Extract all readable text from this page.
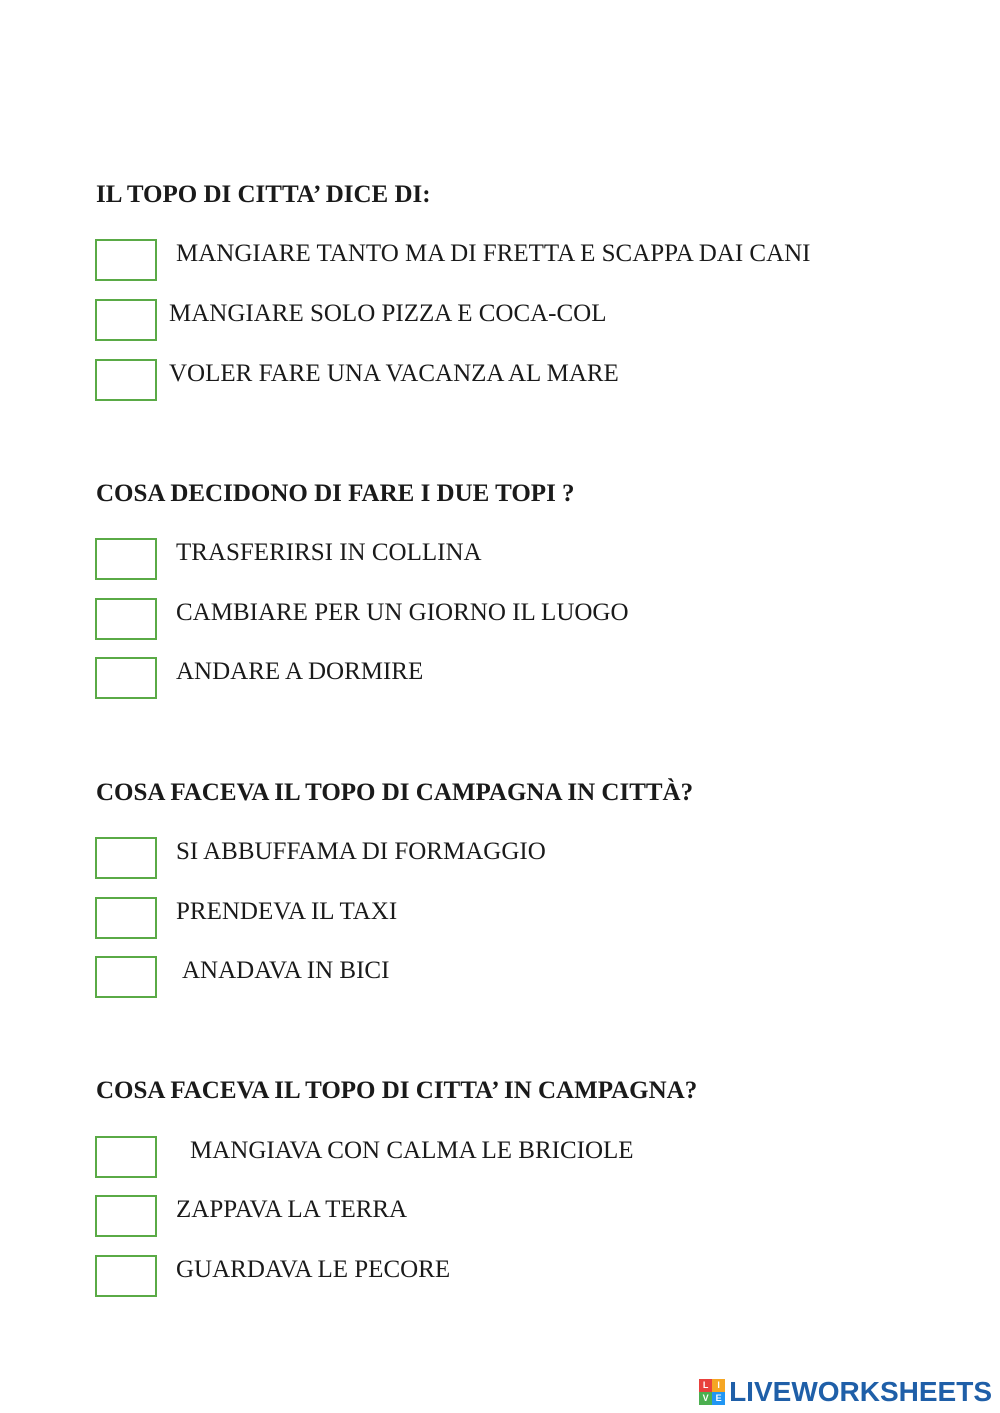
IL TOPO DI CITTA’ DICE DI:
MANGIARE TANTO MA DI FRETTA E SCAPPA DAI CANI
MANGIARE SOLO PIZZA E COCA-COL
VOLER FARE UNA VACANZA AL MARE
COSA DECIDONO DI FARE I DUE TOPI ?
TRASFERIRSI IN COLLINA
CAMBIARE PER UN GIORNO IL LUOGO
ANDARE A DORMIRE
COSA FACEVA IL TOPO DI CAMPAGNA IN CITTÀ?
SI ABBUFFAMA DI FORMAGGIO
PRENDEVA IL TAXI
ANADAVA IN BICI
COSA FACEVA IL TOPO DI CITTA’ IN CAMPAGNA?
MANGIAVA CON CALMA LE BRICIOLE
ZAPPAVA LA TERRA
GUARDAVA LE PECORE
L I
V E LIVEWORKSHEETS
